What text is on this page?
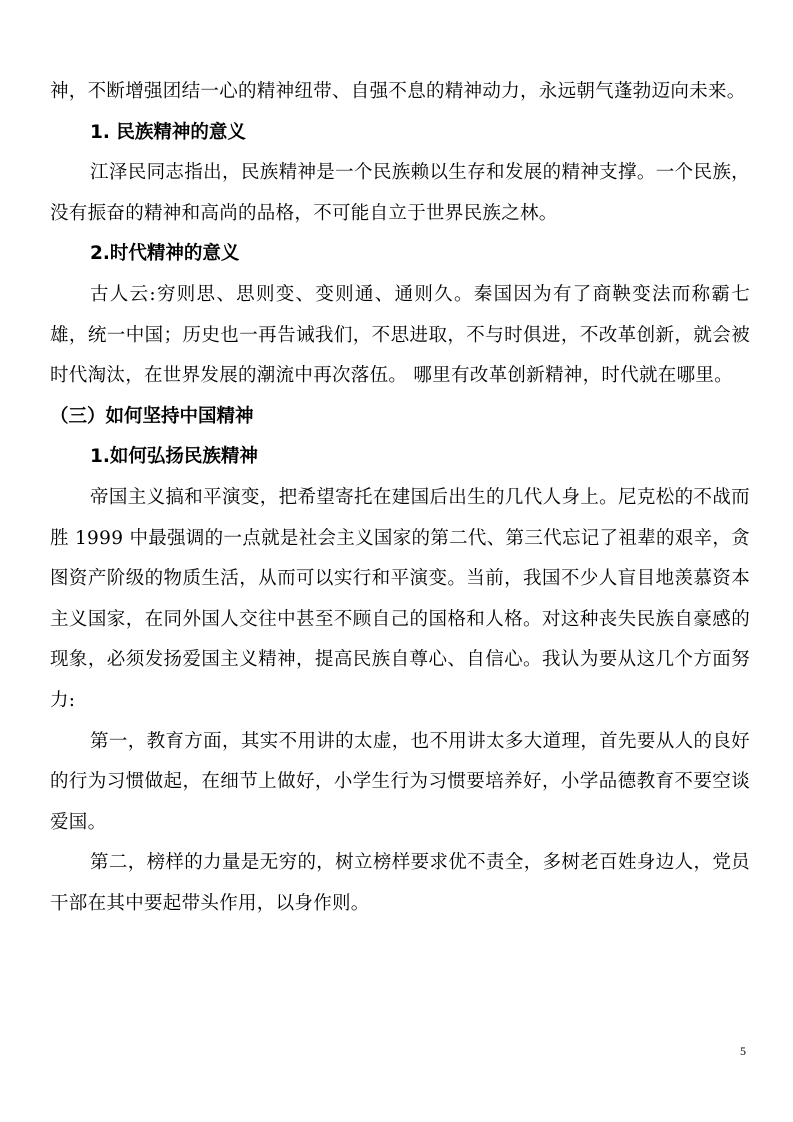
神，不断增强团结一心的精神纽带、自强不息的精神动力，永远朝气蓬勃迈向未来。

1. 民族精神的意义

江泽民同志指出，民族精神是一个民族赖以生存和发展的精神支撑。一个民族，没有振奋的精神和高尚的品格，不可能自立于世界民族之林。

2.时代精神的意义

古人云:穷则思、思则变、变则通、通则久。秦国因为有了商鞅变法而称霸七雄，统一中国；历史也一再告诫我们，不思进取，不与时俱进，不改革创新，就会被时代淘汰，在世界发展的潮流中再次落伍。 哪里有改革创新精神，时代就在哪里。

（三）如何坚持中国精神
1.如何弘扬民族精神

帝国主义搞和平演变，把希望寄托在建国后出生的几代人身上。尼克松的不战而胜 1999 中最强调的一点就是社会主义国家的第二代、第三代忘记了祖辈的艰辛，贪图资产阶级的物质生活，从而可以实行和平演变。当前，我国不少人盲目地羡慕资本主义国家，在同外国人交往中甚至不顾自己的国格和人格。对这种丧失民族自豪感的现象，必须发扬爱国主义精神，提高民族自尊心、自信心。我认为要从这几个方面努力:

第一，教育方面，其实不用讲的太虚，也不用讲太多大道理，首先要从人的良好的行为习惯做起，在细节上做好，小学生行为习惯要培养好，小学品德教育不要空谈爱国。

第二，榜样的力量是无穷的，树立榜样要求优不责全，多树老百姓身边人，党员干部在其中要起带头作用，以身作则。

5
